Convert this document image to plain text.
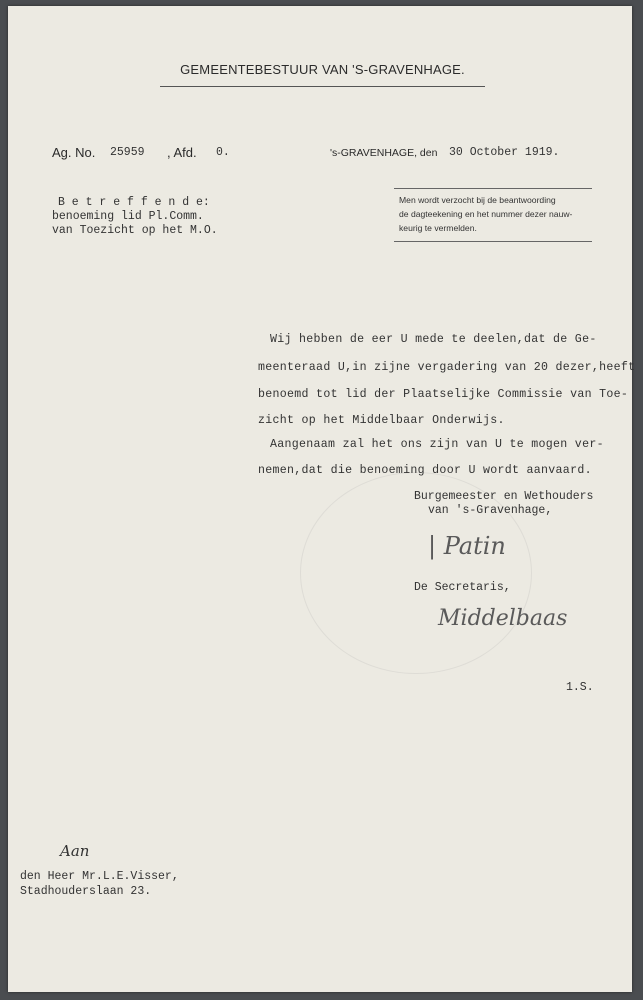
GEMEENTEBESTUUR VAN 'S-GRAVENHAGE.
Ag. No. 25959 , Afd. 0.	's-GRAVENHAGE, den 30 October 1919.
B e t r e f f e n d e:
benoeming lid Pl.Comm.
van Toezicht op het M.O.
Men wordt verzocht bij de beantwoording
de dagteekening en het nummer dezer nauw-
keurig te vermelden.
Wij hebben de eer U mede te deelen,dat de Ge-
meenteraad U,in zijne vergadering van 20 dezer,heeft
benoemd tot lid der Plaatselijke Commissie van Toe-
zicht op het Middelbaar Onderwijs.
Aangenaam zal het ons zijn van U te mogen ver-
nemen,dat die benoeming door U wordt aanvaard.
Burgemeester en Wethouders
van 's-Gravenhage,
| Patin
De Secretaris,
Middelbaas
1.S.
Aan
den Heer Mr.L.E.Visser,
Stadhouderslaan 23.
